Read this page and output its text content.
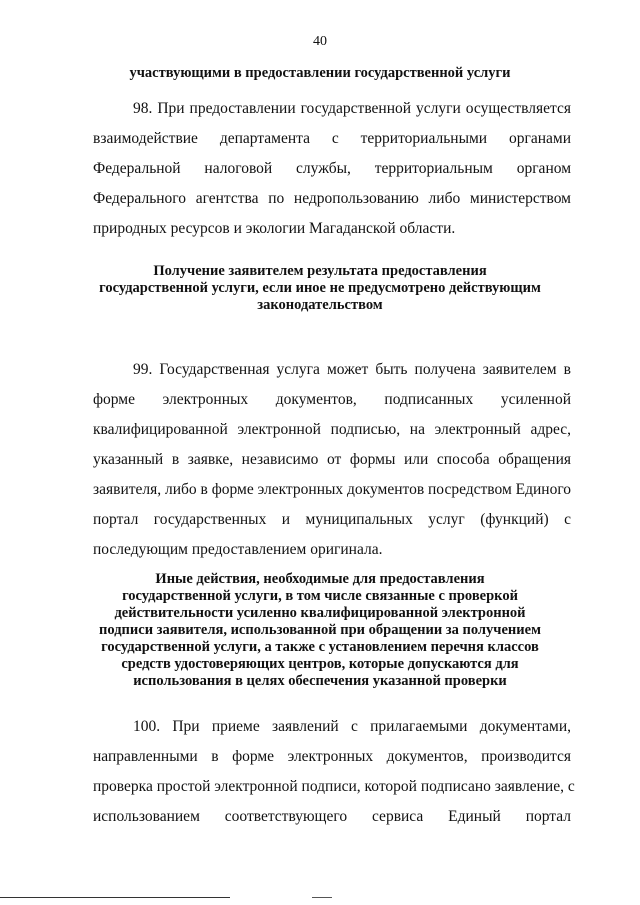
40
участвующими в предоставлении государственной услуги
98. При предоставлении государственной услуги осуществляется
взаимодействие департамента с территориальными органами
Федеральной налоговой службы, территориальным органом
Федерального агентства по недропользованию либо министерством
природных ресурсов и экологии Магаданской области.
Получение заявителем результата предоставления
государственной услуги, если иное не предусмотрено действующим
законодательством
99. Государственная услуга может быть получена заявителем в
форме электронных документов, подписанных усиленной
квалифицированной электронной подписью, на электронный адрес,
указанный в заявке, независимо от формы или способа обращения
заявителя, либо в форме электронных документов посредством Единого
портал государственных и муниципальных услуг (функций) с
последующим предоставлением оригинала.
Иные действия, необходимые для предоставления
государственной услуги, в том числе связанные с проверкой
действительности усиленно квалифицированной электронной
подписи заявителя, использованной при обращении за получением
государственной услуги, а также с установлением перечня классов
средств удостоверяющих центров, которые допускаются для
использования в целях обеспечения указанной проверки
100. При приеме заявлений с прилагаемыми документами,
направленными в форме электронных документов, производится
проверка простой электронной подписи, которой подписано заявление, с
использованием соответствующего сервиса Единый портал
